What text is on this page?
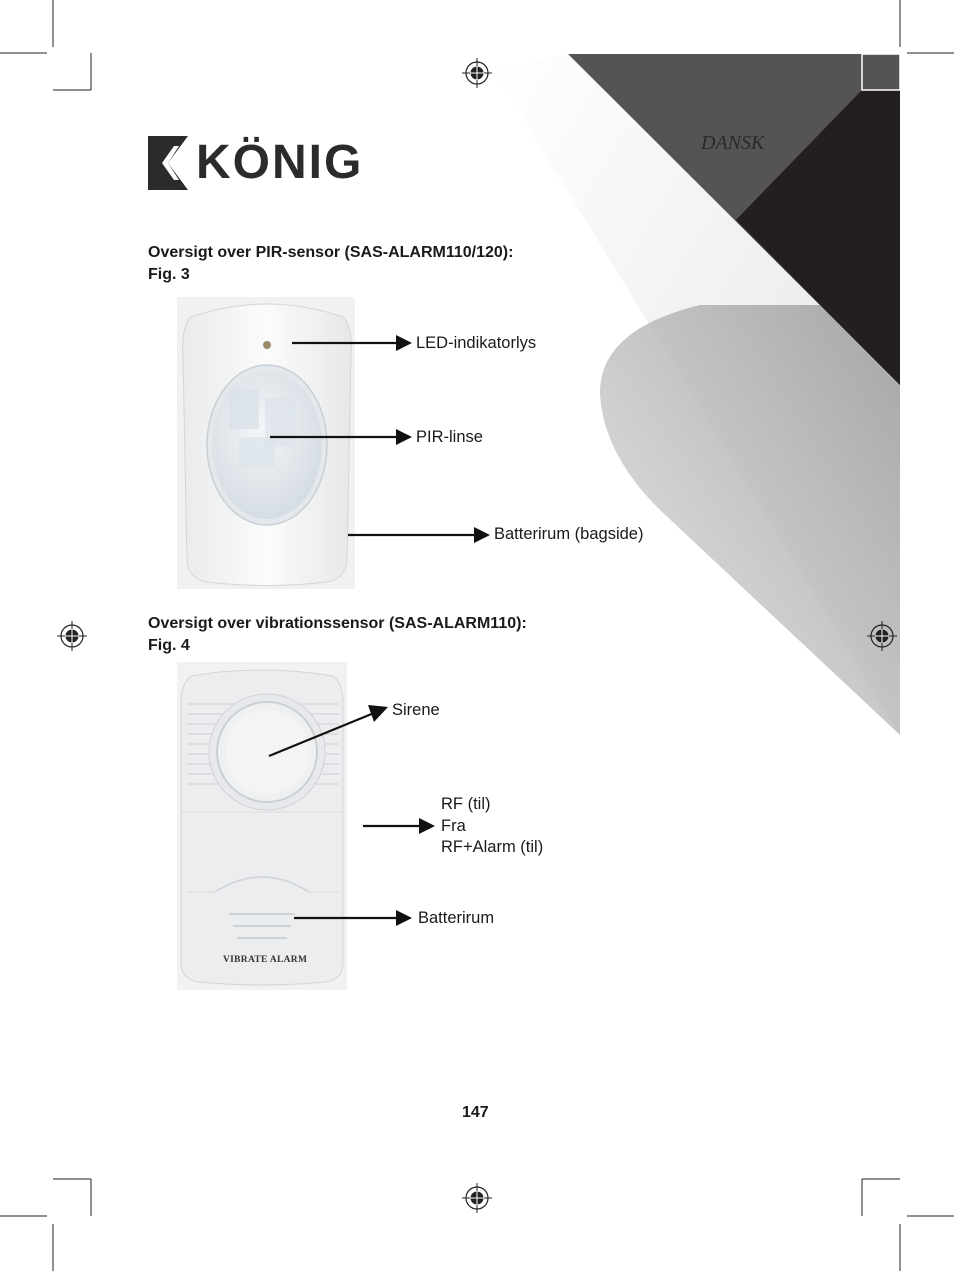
KÖNIG	DANSK
Oversigt over PIR-sensor (SAS-ALARM110/120):
Fig. 3
LED-indikatorlys
PIR-linse
Batterirum (bagside)
Oversigt over vibrationssensor (SAS-ALARM110):
Fig. 4
VIBRATE ALARM
Sirene
RF (til)
Fra
RF+Alarm (til)
Batterirum
147
